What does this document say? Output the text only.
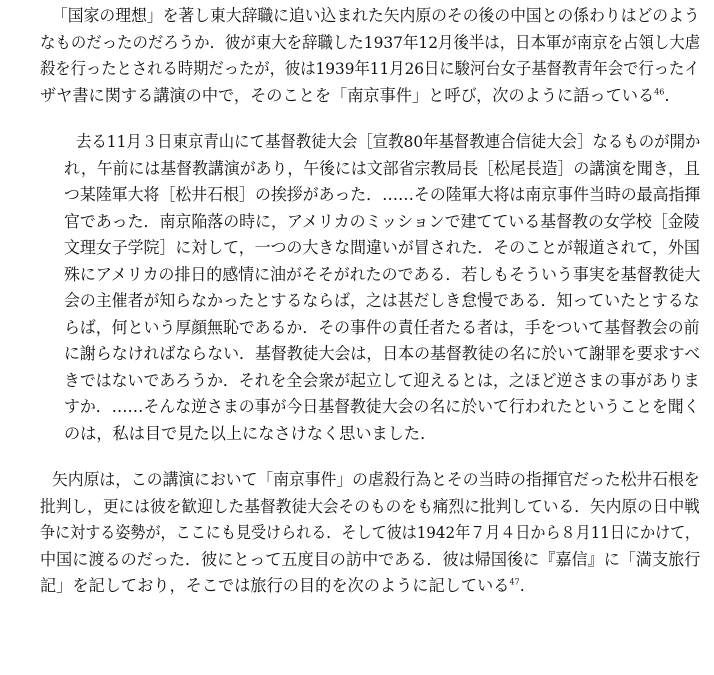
「国家の理想」を著し東大辞職に追い込まれた矢内原のその後の中国との係わりはどのよう
なものだったのだろうか．彼が東大を辞職した1937年12月後半は，日本軍が南京を占領し大虐
殺を行ったとされる時期だったが，彼は1939年11月26日に駿河台女子基督教青年会で行ったイ
ザヤ書に関する講演の中で，そのことを「南京事件」と呼び，次のように語っている$^{46}$.
去る11月３日東京青山にて基督教徒大会［宣教80年基督教連合信徒大会］なるものが開か
れ，午前には基督教講演があり，午後には文部省宗教局長［松尾長造］の講演を聞き，且
つ某陸軍大将［松井石根］の挨拶があった．……その陸軍大将は南京事件当時の最高指揮
官であった．南京陥落の時に，アメリカのミッションで建てている基督教の女学校［金陵
文理女子学院］に対して，一つの大きな間違いが冒された．そのことが報道されて，外国
殊にアメリカの排日的感情に油がそそがれたのである．若しもそういう事実を基督教徒大
会の主催者が知らなかったとするならば，之は甚だしき怠慢である．知っていたとするな
らば，何という厚顔無恥であるか．その事件の責任者たる者は，手をついて基督教会の前
に謝らなければならない．基督教徒大会は，日本の基督教徒の名に於いて謝罪を要求すべ
きではないであろうか．それを全会衆が起立して迎えるとは，之ほど逆さまの事がありま
すか．……そんな逆さまの事が今日基督教徒大会の名に於いて行われたということを聞く
のは，私は目で見た以上になさけなく思いました．
矢内原は，この講演において「南京事件」の虐殺行為とその当時の指揮官だった松井石根を
批判し，更には彼を歓迎した基督教徒大会そのものをも痛烈に批判している．矢内原の日中戦
争に対する姿勢が，ここにも見受けられる．そして彼は1942年７月４日から８月11日にかけて，
中国に渡るのだった．彼にとって五度目の訪中である．彼は帰国後に『嘉信』に「満支旅行
記」を記しており，そこでは旅行の目的を次のように記している$^{47}$.
